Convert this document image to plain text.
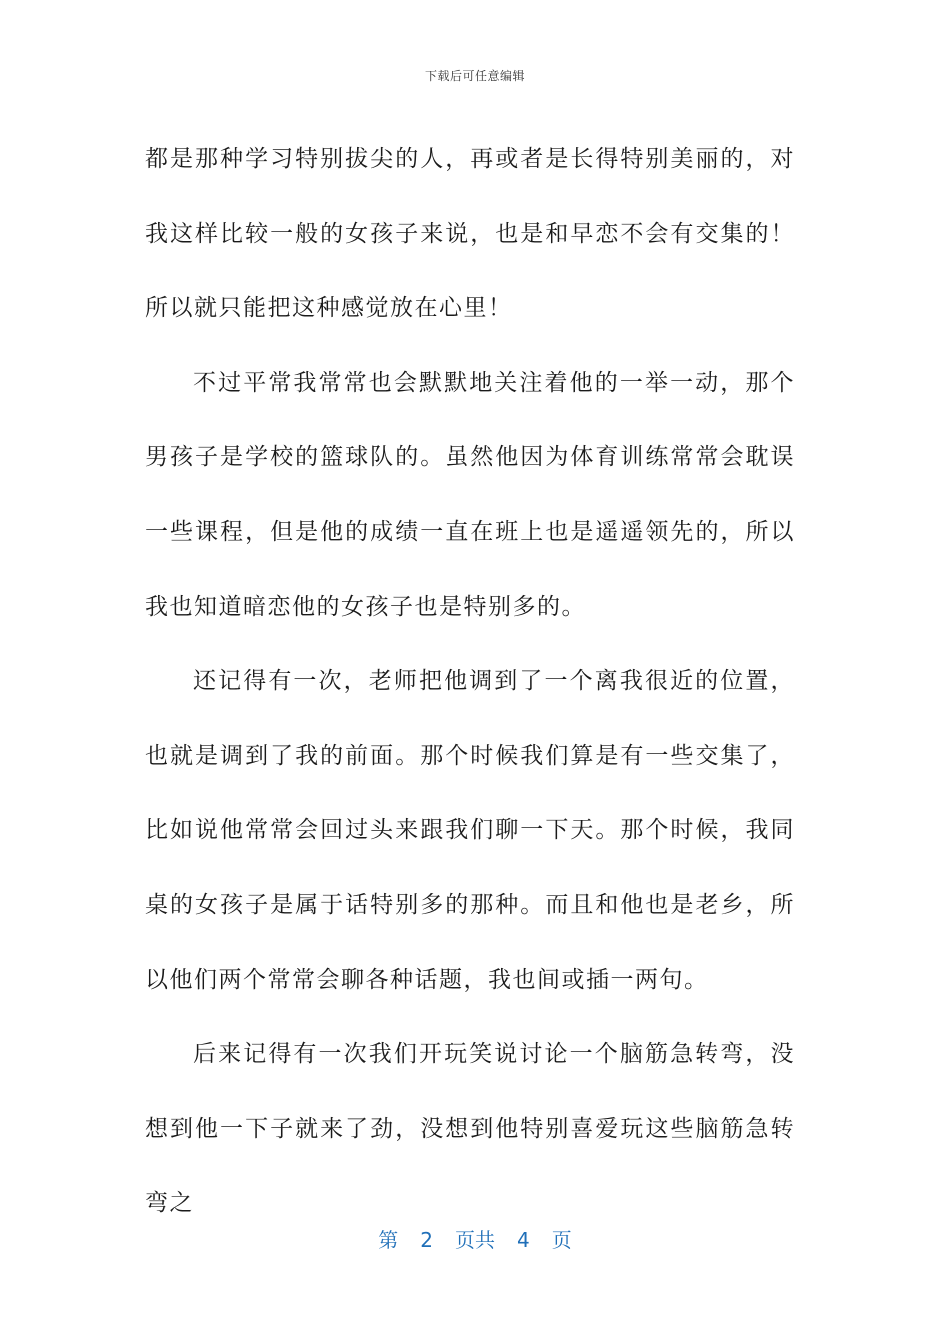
下载后可任意编辑

都是那种学习特别拔尖的人，再或者是长得特别美丽的，对我这样比较一般的女孩子来说，也是和早恋不会有交集的！所以就只能把这种感觉放在心里！

不过平常我常常也会默默地关注着他的一举一动，那个男孩子是学校的篮球队的。虽然他因为体育训练常常会耽误一些课程，但是他的成绩一直在班上也是遥遥领先的，所以我也知道暗恋他的女孩子也是特别多的。

还记得有一次，老师把他调到了一个离我很近的位置，也就是调到了我的前面。那个时候我们算是有一些交集了，比如说他常常会回过头来跟我们聊一下天。那个时候，我同桌的女孩子是属于话特别多的那种。而且和他也是老乡，所以他们两个常常会聊各种话题，我也间或插一两句。

后来记得有一次我们开玩笑说讨论一个脑筋急转弯，没想到他一下子就来了劲，没想到他特别喜爱玩这些脑筋急转弯之

第 2 页共 4 页
